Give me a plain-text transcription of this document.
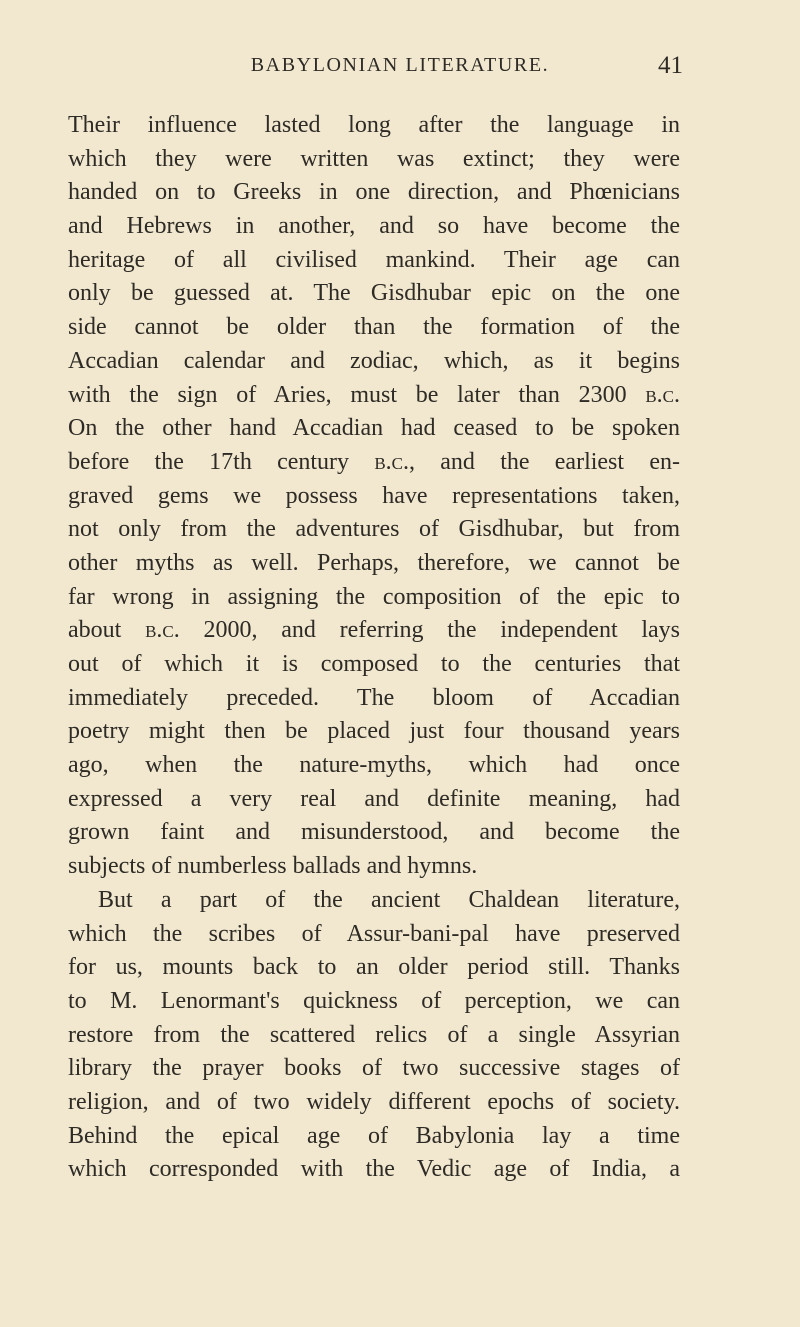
BABYLONIAN LITERATURE.	41
Their influence lasted long after the language in
which they were written was extinct; they were
handed on to Greeks in one direction, and Phœnicians
and Hebrews in another, and so have become the
heritage of all civilised mankind. Their age can
only be guessed at. The Gisdhubar epic on the one
side cannot be older than the formation of the
Accadian calendar and zodiac, which, as it begins
with the sign of Aries, must be later than 2300 b.c.
On the other hand Accadian had ceased to be spoken
before the 17th century b.c., and the earliest en-
graved gems we possess have representations taken,
not only from the adventures of Gisdhubar, but from
other myths as well. Perhaps, therefore, we cannot be
far wrong in assigning the composition of the epic to
about b.c. 2000, and referring the independent lays
out of which it is composed to the centuries that
immediately preceded. The bloom of Accadian
poetry might then be placed just four thousand years
ago, when the nature-myths, which had once
expressed a very real and definite meaning, had
grown faint and misunderstood, and become the
subjects of numberless ballads and hymns.
But a part of the ancient Chaldean literature,
which the scribes of Assur-bani-pal have preserved
for us, mounts back to an older period still. Thanks
to M. Lenormant's quickness of perception, we can
restore from the scattered relics of a single Assyrian
library the prayer books of two successive stages of
religion, and of two widely different epochs of society.
Behind the epical age of Babylonia lay a time
which corresponded with the Vedic age of India, a
